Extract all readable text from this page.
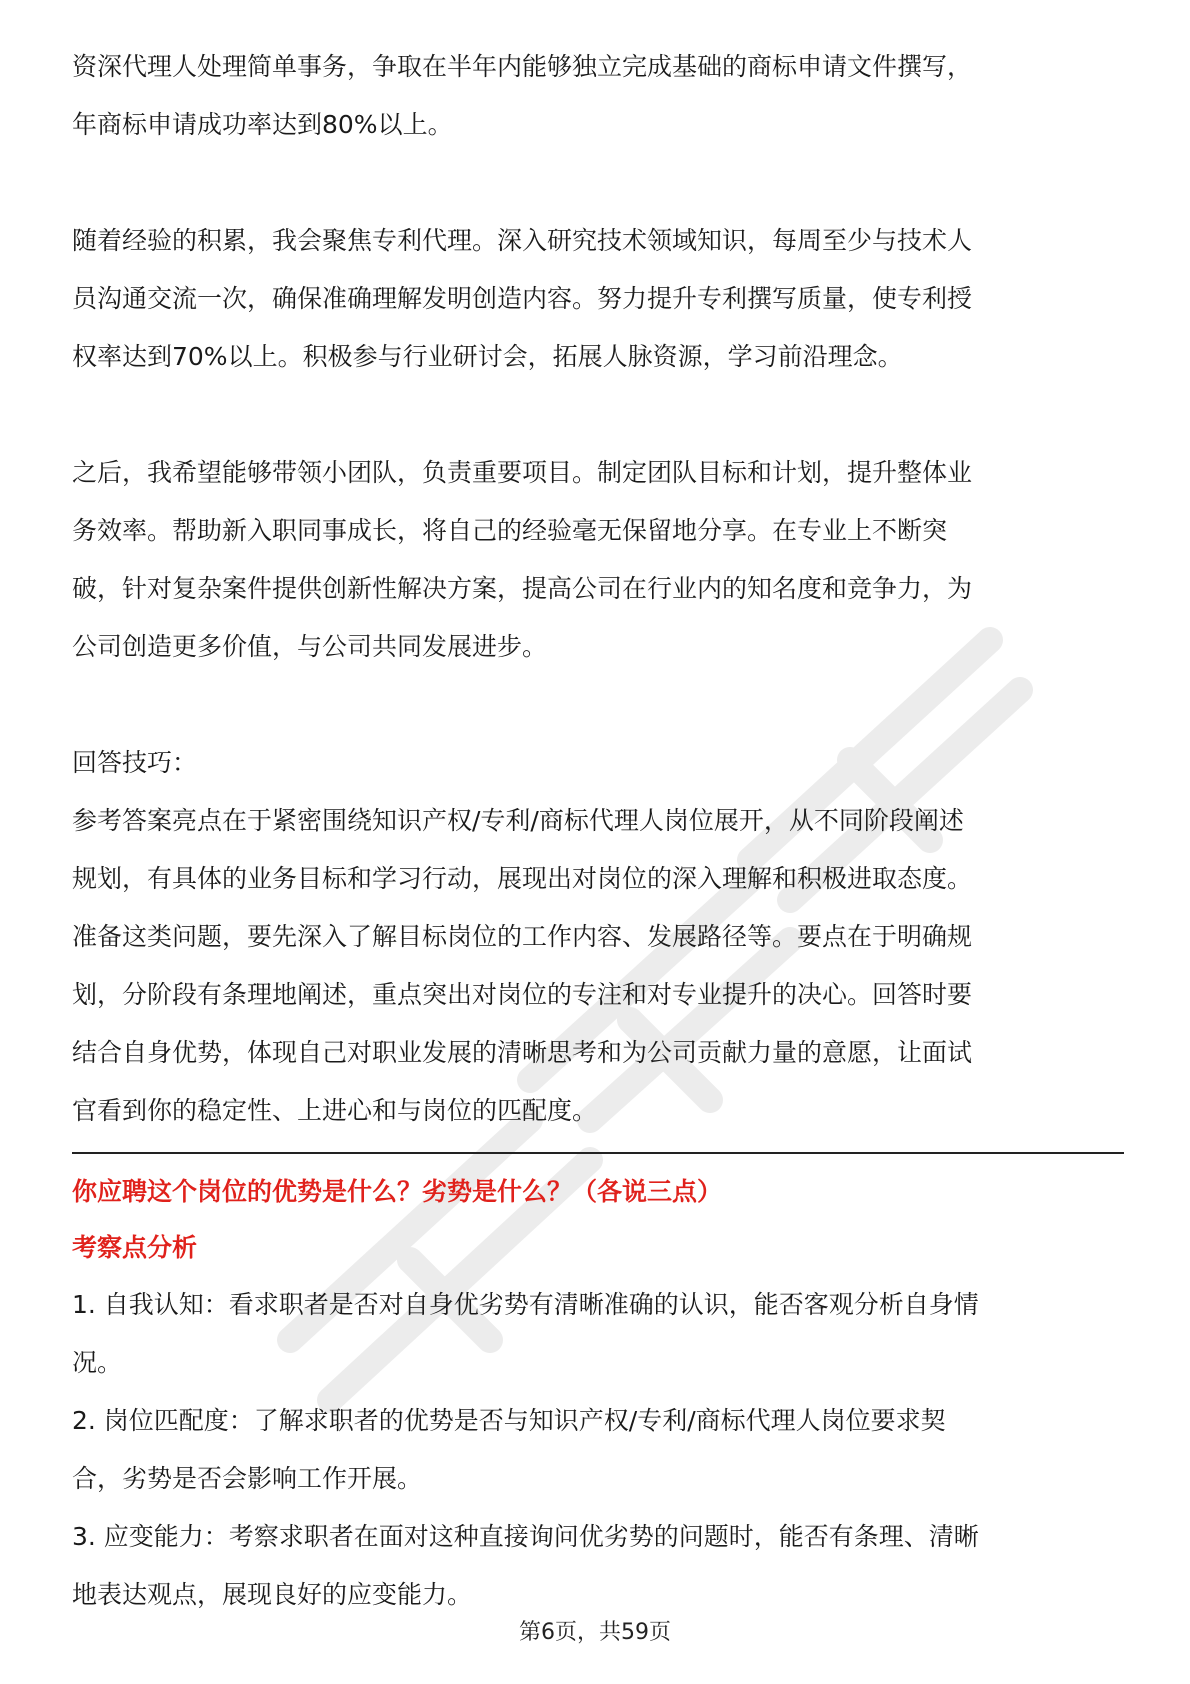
资深代理人处理简单事务，争取在半年内能够独立完成基础的商标申请文件撰写，

年商标申请成功率达到80%以上。

随着经验的积累，我会聚焦专利代理。深入研究技术领域知识，每周至少与技术人

员沟通交流一次，确保准确理解发明创造内容。努力提升专利撰写质量，使专利授

权率达到70%以上。积极参与行业研讨会，拓展人脉资源，学习前沿理念。

之后，我希望能够带领小团队，负责重要项目。制定团队目标和计划，提升整体业

务效率。帮助新入职同事成长，将自己的经验毫无保留地分享。在专业上不断突

破，针对复杂案件提供创新性解决方案，提高公司在行业内的知名度和竞争力，为

公司创造更多价值，与公司共同发展进步。

回答技巧：

参考答案亮点在于紧密围绕知识产权/专利/商标代理人岗位展开，从不同阶段阐述

规划，有具体的业务目标和学习行动，展现出对岗位的深入理解和积极进取态度。

准备这类问题，要先深入了解目标岗位的工作内容、发展路径等。要点在于明确规

划，分阶段有条理地阐述，重点突出对岗位的专注和对专业提升的决心。回答时要

结合自身优势，体现自己对职业发展的清晰思考和为公司贡献力量的意愿，让面试

官看到你的稳定性、上进心和与岗位的匹配度。

你应聘这个岗位的优势是什么？劣势是什么？（各说三点）
考察点分析

1. 自我认知：看求职者是否对自身优劣势有清晰准确的认识，能否客观分析自身情

况。

2. 岗位匹配度：了解求职者的优势是否与知识产权/专利/商标代理人岗位要求契

合，劣势是否会影响工作开展。

3. 应变能力：考察求职者在面对这种直接询问优劣势的问题时，能否有条理、清晰

地表达观点，展现良好的应变能力。

第6页，共59页
